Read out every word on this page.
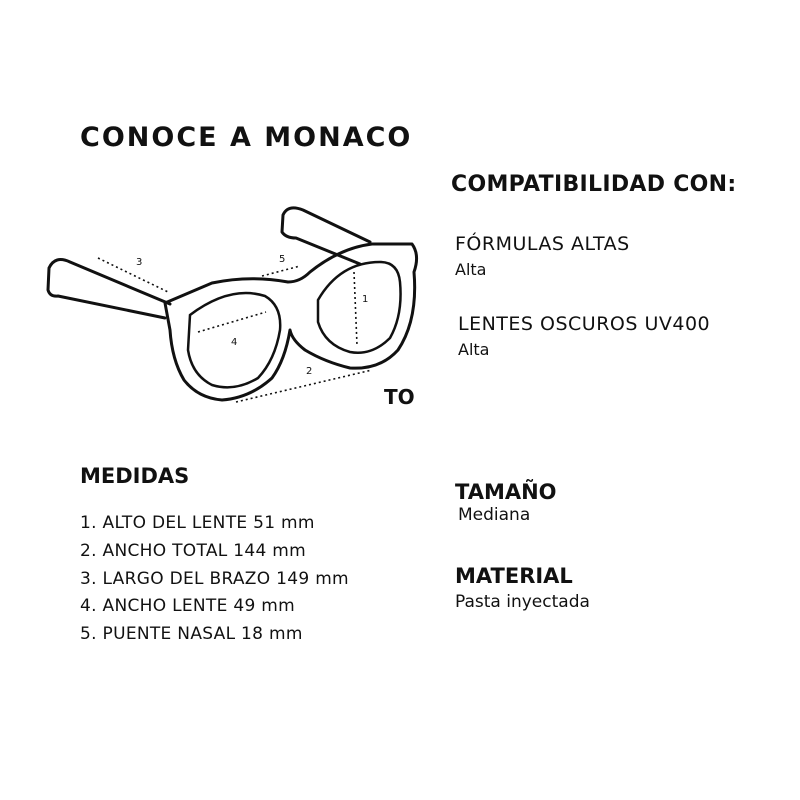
CONOCE A MONACO
COMPATIBILIDAD CON:
FÓRMULAS ALTAS
Alta
LENTES OSCUROS UV400
Alta
3	5
1
4
2
TO
MEDIDAS
1. ALTO DEL LENTE 51 mm
2. ANCHO TOTAL 144 mm
3. LARGO DEL BRAZO 149 mm
4. ANCHO LENTE 49 mm
5. PUENTE NASAL 18 mm
TAMAÑO
Mediana
MATERIAL
Pasta inyectada
